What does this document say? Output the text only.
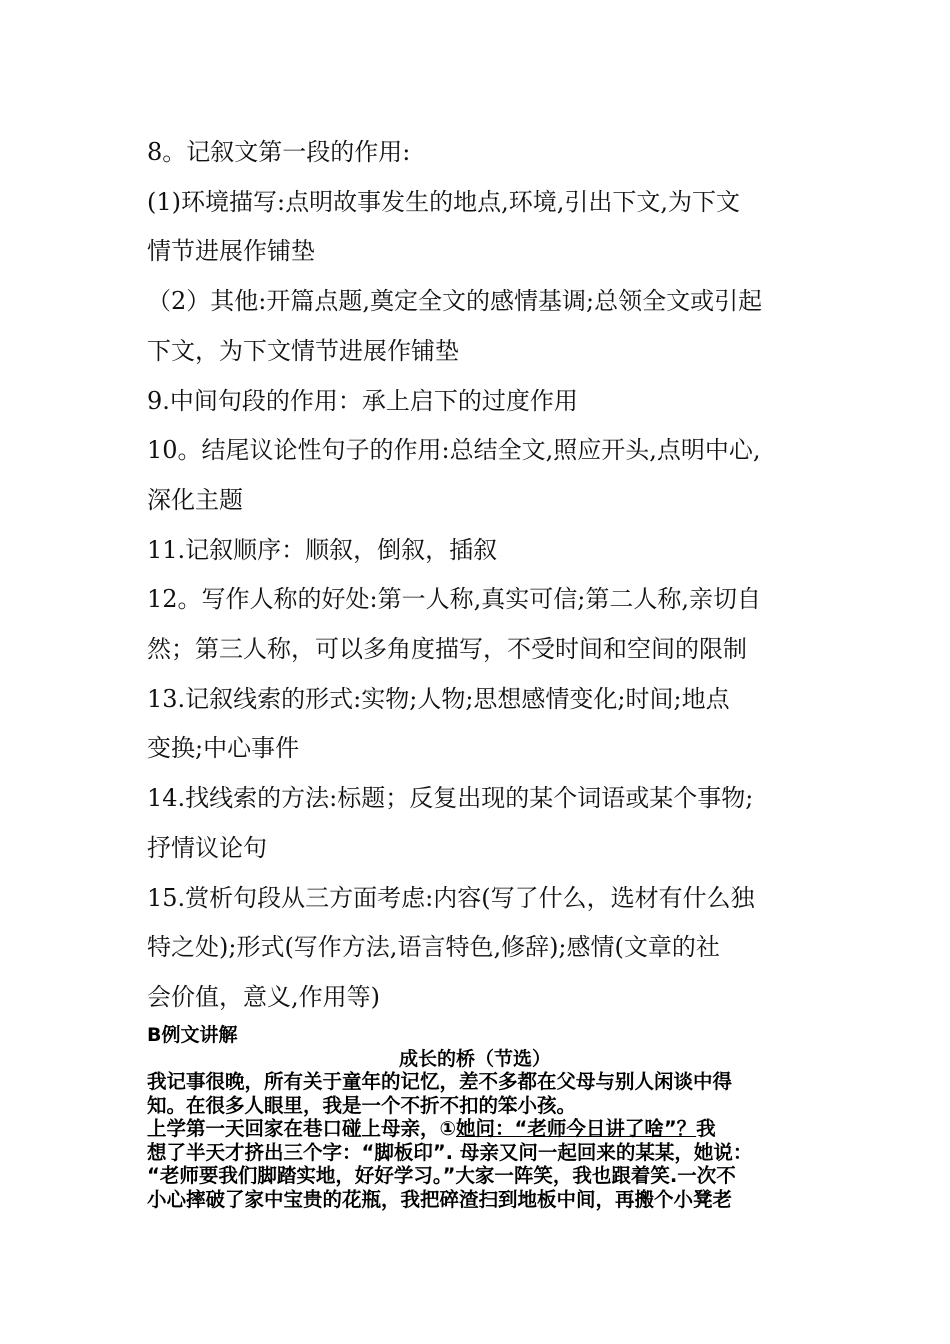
8。记叙文第一段的作用:

(1)环境描写:点明故事发生的地点,环境,引出下文,为下文

情节进展作铺垫

（2）其他:开篇点题,奠定全文的感情基调;总领全文或引起

下文，为下文情节进展作铺垫

9.中间句段的作用：承上启下的过度作用

10。结尾议论性句子的作用:总结全文,照应开头,点明中心,

深化主题

11.记叙顺序：顺叙，倒叙，插叙

12。写作人称的好处:第一人称,真实可信;第二人称,亲切自

然；第三人称，可以多角度描写，不受时间和空间的限制

13.记叙线索的形式:实物;人物;思想感情变化;时间;地点

变换;中心事件

14.找线索的方法:标题；反复出现的某个词语或某个事物;

抒情议论句

15.赏析句段从三方面考虑:内容(写了什么，选材有什么独

特之处);形式(写作方法,语言特色,修辞);感情(文章的社

会价值，意义,作用等)

B例文讲解
成长的桥（节选）

我记事很晚，所有关于童年的记忆，差不多都在父母与别人闲谈中得

知。在很多人眼里，我是一个不折不扣的笨小孩。

上学第一天回家在巷口碰上母亲，①她问：“老师今日讲了啥”？我

想了半天才挤出三个字：“脚板印”. 母亲又问一起回来的某某，她说：

“老师要我们脚踏实地，好好学习。”大家一阵笑，我也跟着笑.一次不

小心摔破了家中宝贵的花瓶，我把碎渣扫到地板中间，再搬个小凳老
